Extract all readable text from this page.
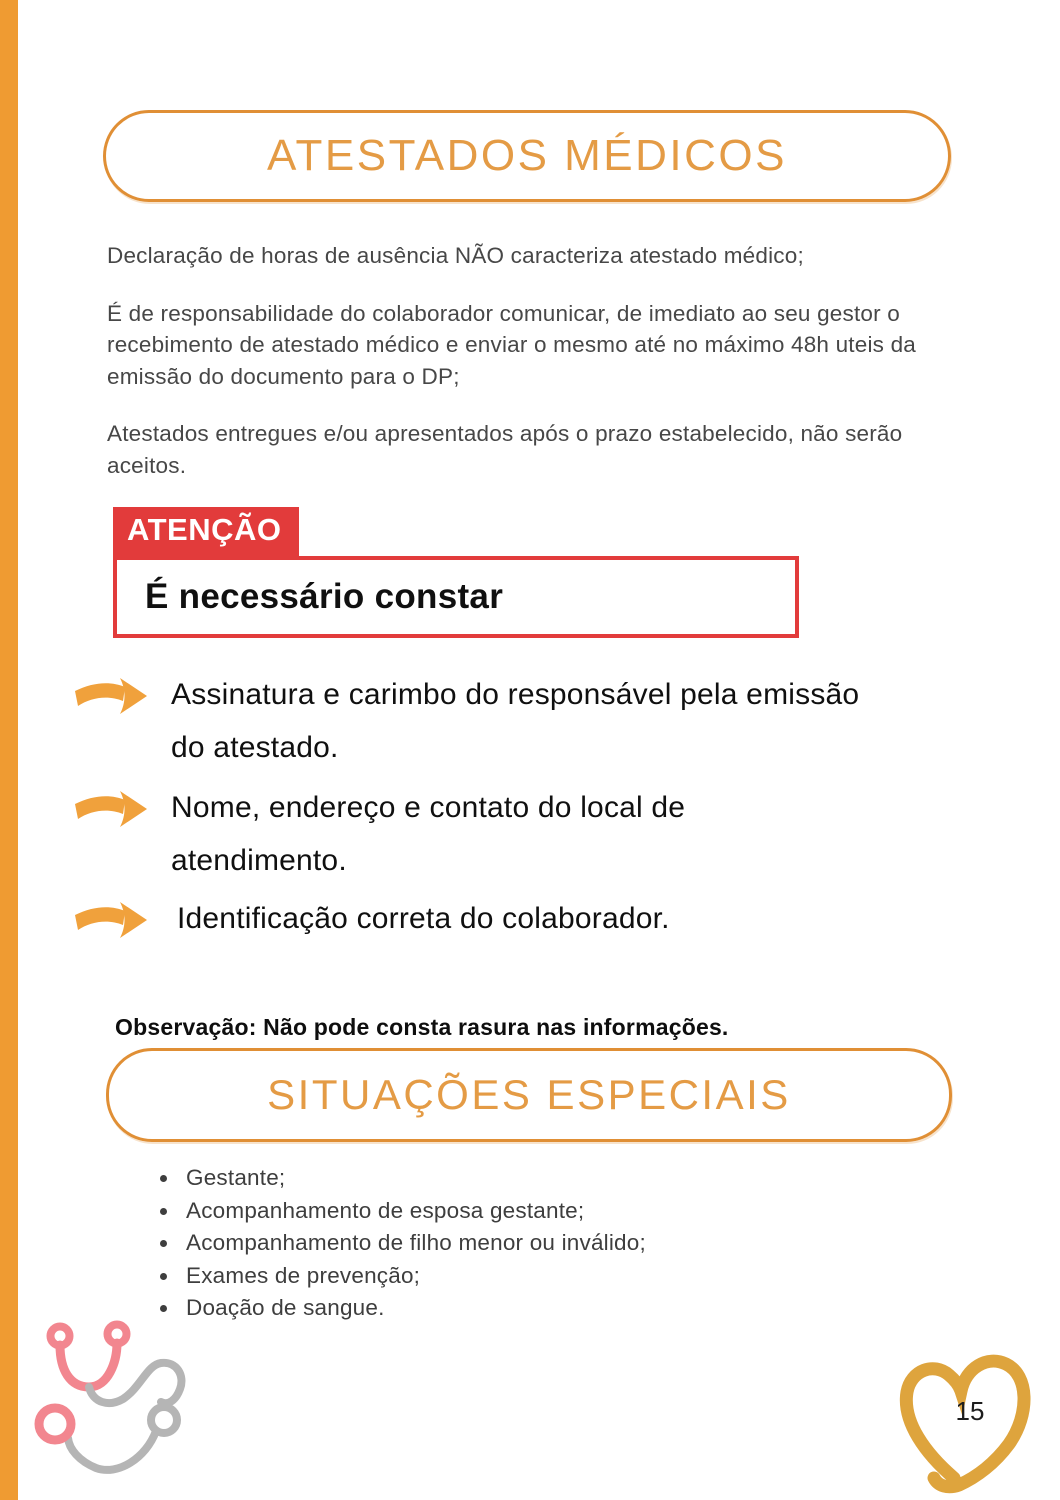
ATESTADOS MÉDICOS

Declaração de horas de ausência NÃO caracteriza atestado médico;

É de responsabilidade do colaborador comunicar, de imediato ao seu gestor o recebimento de atestado médico e enviar o mesmo até no máximo 48h uteis da emissão do documento para o DP;

Atestados entregues e/ou apresentados após o prazo estabelecido, não serão aceitos.

ATENÇÃO
É necessário constar
Assinatura e carimbo do responsável pela emissão
do atestado.
Nome, endereço e contato do local de
atendimento.
Identificação correta do colaborador.

Observação: Não pode consta rasura nas informações.

SITUAÇÕES ESPECIAIS
• Gestante;
• Acompanhamento de esposa gestante;
• Acompanhamento de filho menor ou inválido;
• Exames de prevenção;
• Doação de sangue.
15
